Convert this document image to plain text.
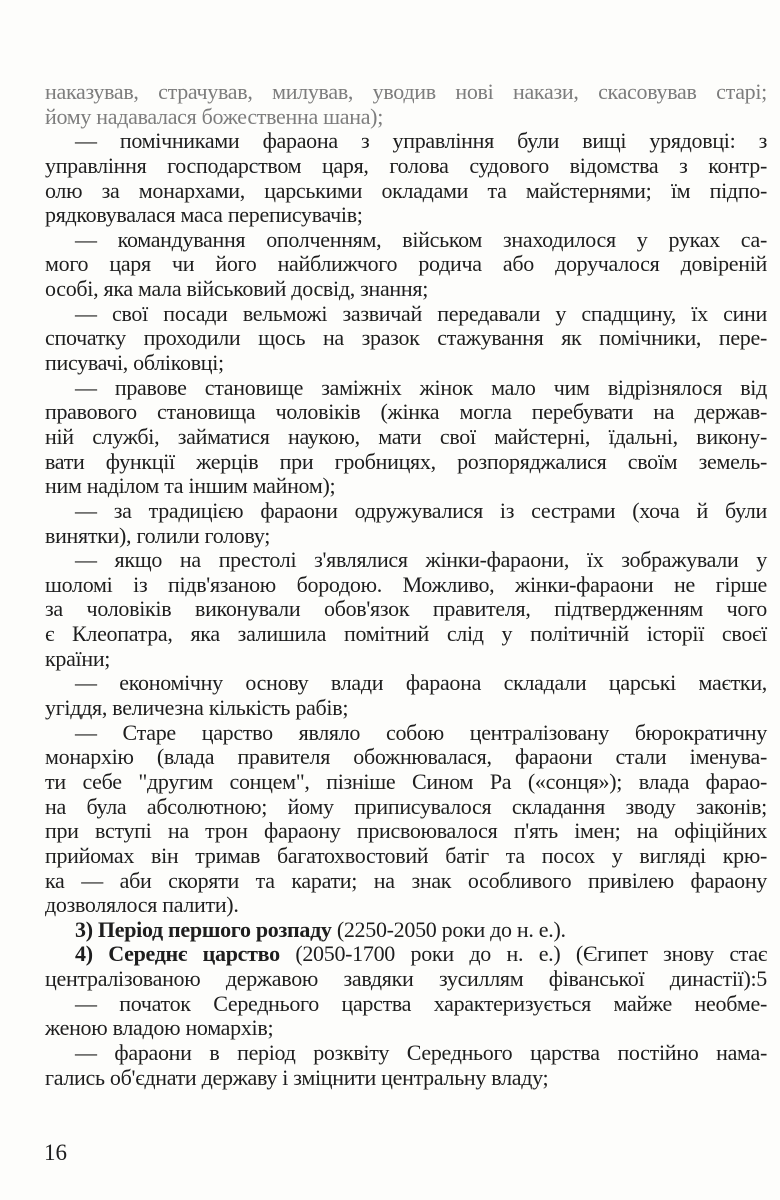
наказував, страчував, милував, уводив нові накази, скасовував старі;
йому надавалася божественна шана);
— помічниками фараона з управління були вищі урядовці: з
управління господарством царя, голова судового відомства з контр-
олю за монархами, царськими окладами та майстернями; їм підпо-
рядковувалася маса переписувачів;
— командування ополченням, військом знаходилося у руках са-
мого царя чи його найближчого родича або доручалося довіреній
особі, яка мала військовий досвід, знання;
— свої посади вельможі зазвичай передавали у спадщину, їх сини
спочатку проходили щось на зразок стажування як помічники, пере-
писувачі, обліковці;
— правове становище заміжніх жінок мало чим відрізнялося від
правового становища чоловіків (жінка могла перебувати на держав-
ній службі, займатися наукою, мати свої майстерні, їдальні, викону-
вати функції жерців при гробницях, розпоряджалися своїм земель-
ним наділом та іншим майном);
— за традицією фараони одружувалися із сестрами (хоча й були
винятки), голили голову;
— якщо на престолі з'являлися жінки-фараони, їх зображували у
шоломі із підв'язаною бородою. Можливо, жінки-фараони не гірше
за чоловіків виконували обов'язок правителя, підтвердженням чого
є Клеопатра, яка залишила помітний слід у політичній історії своєї
країни;
— економічну основу влади фараона складали царські маєтки,
угіддя, величезна кількість рабів;
— Старе царство являло собою централізовану бюрократичну
монархію (влада правителя обожнювалася, фараони стали іменува-
ти себе "другим сонцем", пізніше Сином Ра («сонця»); влада фарао-
на була абсолютною; йому приписувалося складання зводу законів;
при вступі на трон фараону присвоювалося п'ять імен; на офіційних
прийомах він тримав багатохвостовий батіг та посох у вигляді крю-
ка — аби скоряти та карати; на знак особливого привілею фараону
дозволялося палити).
3) Період першого розпаду (2250-2050 роки до н. е.).
4) Середнє царство (2050-1700 роки до н. е.) (Єгипет знову стає
централізованою державою завдяки зусиллям фіванської династії):5
— початок Середнього царства характеризується майже необме-
женою владою номархів;
— фараони в період розквіту Середнього царства постійно нама-
гались об'єднати державу і зміцнити центральну владу;
16
